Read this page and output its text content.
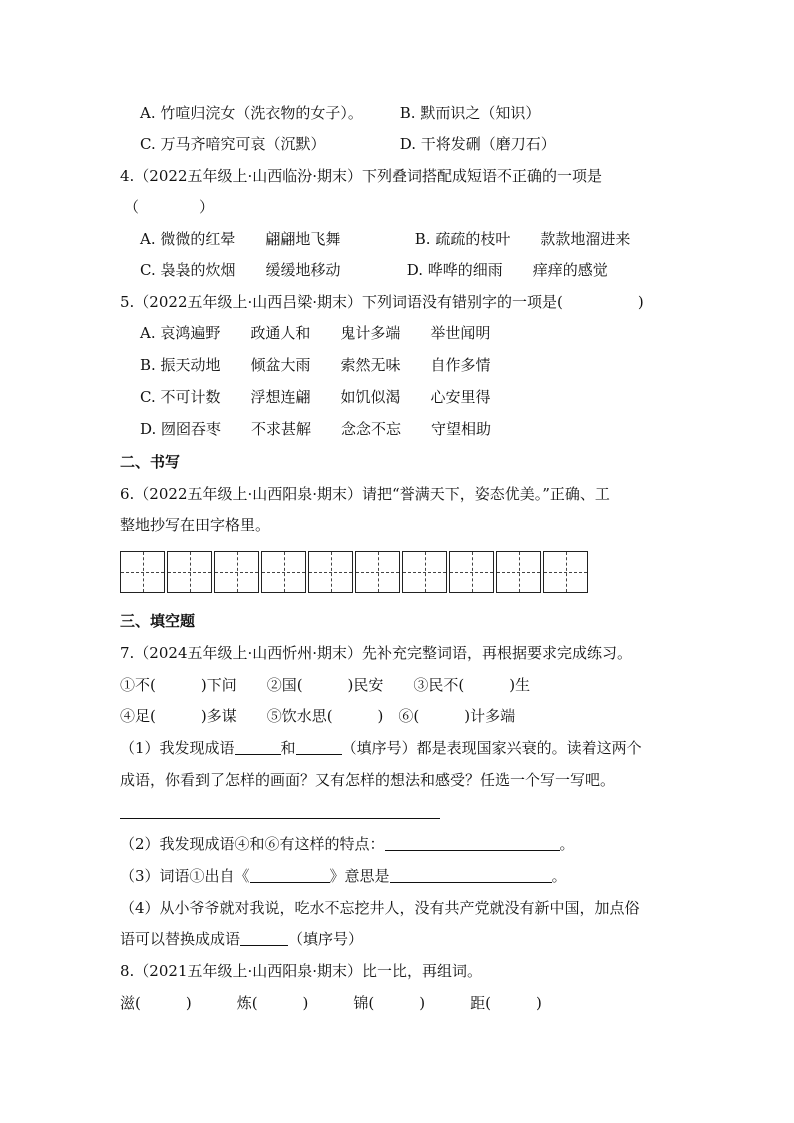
A. 竹喧归浣女（洗衣物的女子）。 B. 默而识之（知识）
C. 万马齐喑究可哀（沉默）	D. 干将发硎（磨刀石）
4.（2022五年级上·山西临汾·期末）下列叠词搭配成短语不正确的一项是
（　　　　）
A. 微微的红晕　　翩翩地飞舞	B. 疏疏的枝叶　　款款地溜进来
C. 袅袅的炊烟　　缓缓地移动	D. 哗哗的细雨　　痒痒的感觉
5.（2022五年级上·山西吕梁·期末）下列词语没有错别字的一项是(　　　　　)
A. 哀鸿遍野　　政通人和　　鬼计多端　　举世闻明
B. 振天动地　　倾盆大雨　　索然无味　　自作多情
C. 不可计数　　浮想连翩　　如饥似渴　　心安里得
D. 囫囵吞枣　　不求甚解　　念念不忘　　守望相助
二、书写
6.（2022五年级上·山西阳泉·期末）请把“誉满天下，姿态优美。”正确、工
整地抄写在田字格里。
三、填空题
7.（2024五年级上·山西忻州·期末）先补充完整词语，再根据要求完成练习。
①不(　　　)下问　　②国(　　　)民安　　③民不(　　　)生
④足(　　　)多谋　　⑤饮水思(　　　)　⑥(　　　)计多端
（1）我发现成语	和	（填序号）都是表现国家兴衰的。读着这两个
成语，你看到了怎样的画面？又有怎样的想法和感受？任选一个写一写吧。
（2）我发现成语④和⑥有这样的特点：	。
（3）词语①出自《	》意思是	。
（4）从小爷爷就对我说，吃水不忘挖井人，没有共产党就没有新中国，加点俗
语可以替换成成语	（填序号）
8.（2021五年级上·山西阳泉·期末）比一比，再组词。
滋(　　　)　　　炼(　　　)　　　锦(　　　)　　　距(　　　)
